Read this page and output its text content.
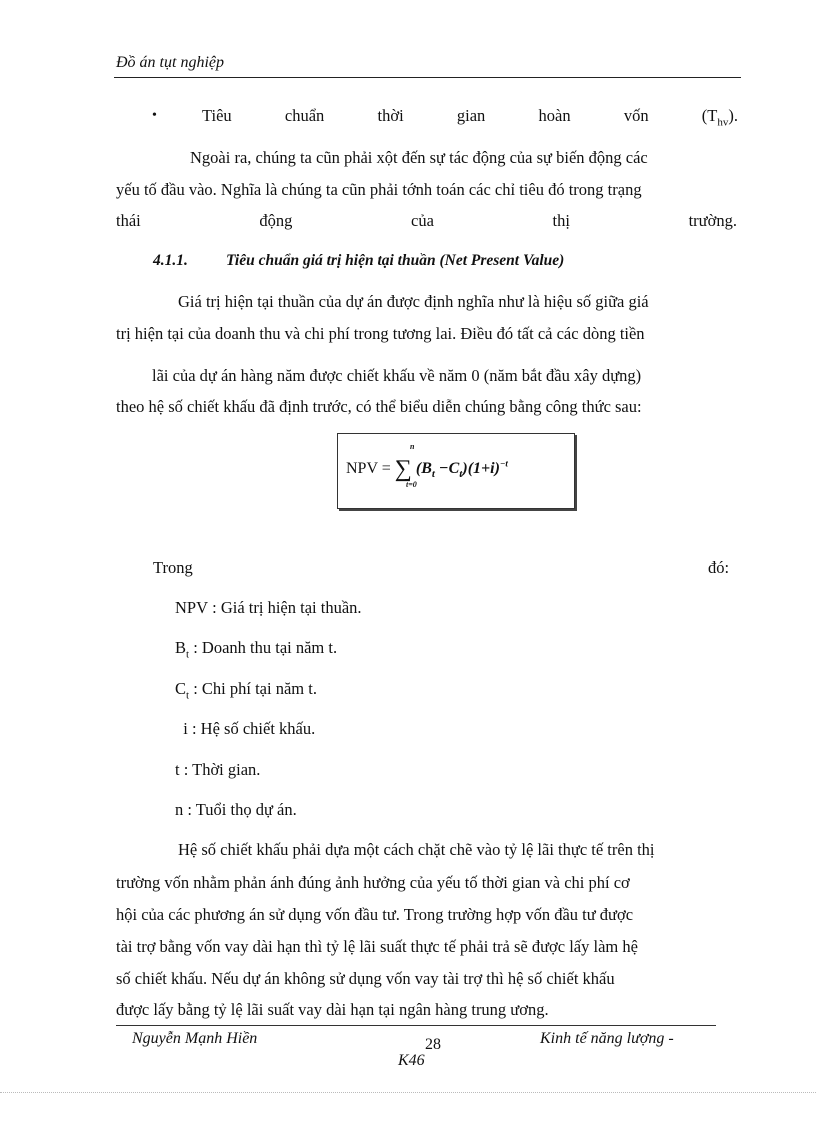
Đồ án tụt nghiệp
•	Tiêu	chuẩn	thời	gian	hoàn	vốn	$(T_{hv})$.
Ngoài ra, chúng ta cũn phải xột đến sự tác động của sự biến động các
yếu tố đầu vào. Nghĩa là chúng ta cũn phải tớnh toán các chỉ tiêu đó trong trạng
thái	động	của	thị	trường.
4.1.1. Tiêu chuẩn giá trị hiện tại thuần (Net Present Value)
Giá trị hiện tại thuần của dự án được định nghĩa như là hiệu số giữa giá
trị hiện tại của doanh thu và chi phí trong tương lai. Điều đó tất cả các dòng tiền
lãi của dự án hàng năm được chiết khấu về năm 0 (năm bắt đầu xây dựng)
theo hệ số chiết khấu đã định trước, có thể biểu diễn chúng bằng công thức sau:
NPV = ∑
n
t=0
$(B_t -C_t)(1+i)^{-t}$
Trong	đó:
NPV : Giá trị hiện tại thuần.
$B_t$ : Doanh thu tại năm t.
$C_t$ : Chi phí tại năm t.
i : Hệ số chiết khấu.
t : Thời gian.
n : Tuổi thọ dự án.
Hệ số chiết khấu phải dựa một cách chặt chẽ vào tỷ lệ lãi thực tế trên thị
trường vốn nhằm phản ánh đúng ảnh hưởng của yếu tố thời gian và chi phí cơ
hội của các phương án sử dụng vốn đầu tư. Trong trường hợp vốn đầu tư được
tài trợ bằng vốn vay dài hạn thì tỷ lệ lãi suất thực tế phải trả sẽ được lấy làm hệ
số chiết khấu. Nếu dự án không sử dụng vốn vay tài trợ thì hệ số chiết khấu
được lấy bằng tỷ lệ lãi suất vay dài hạn tại ngân hàng trung ương.
Nguyễn Mạnh Hiền	28	Kinh tế năng lượng -
K46
